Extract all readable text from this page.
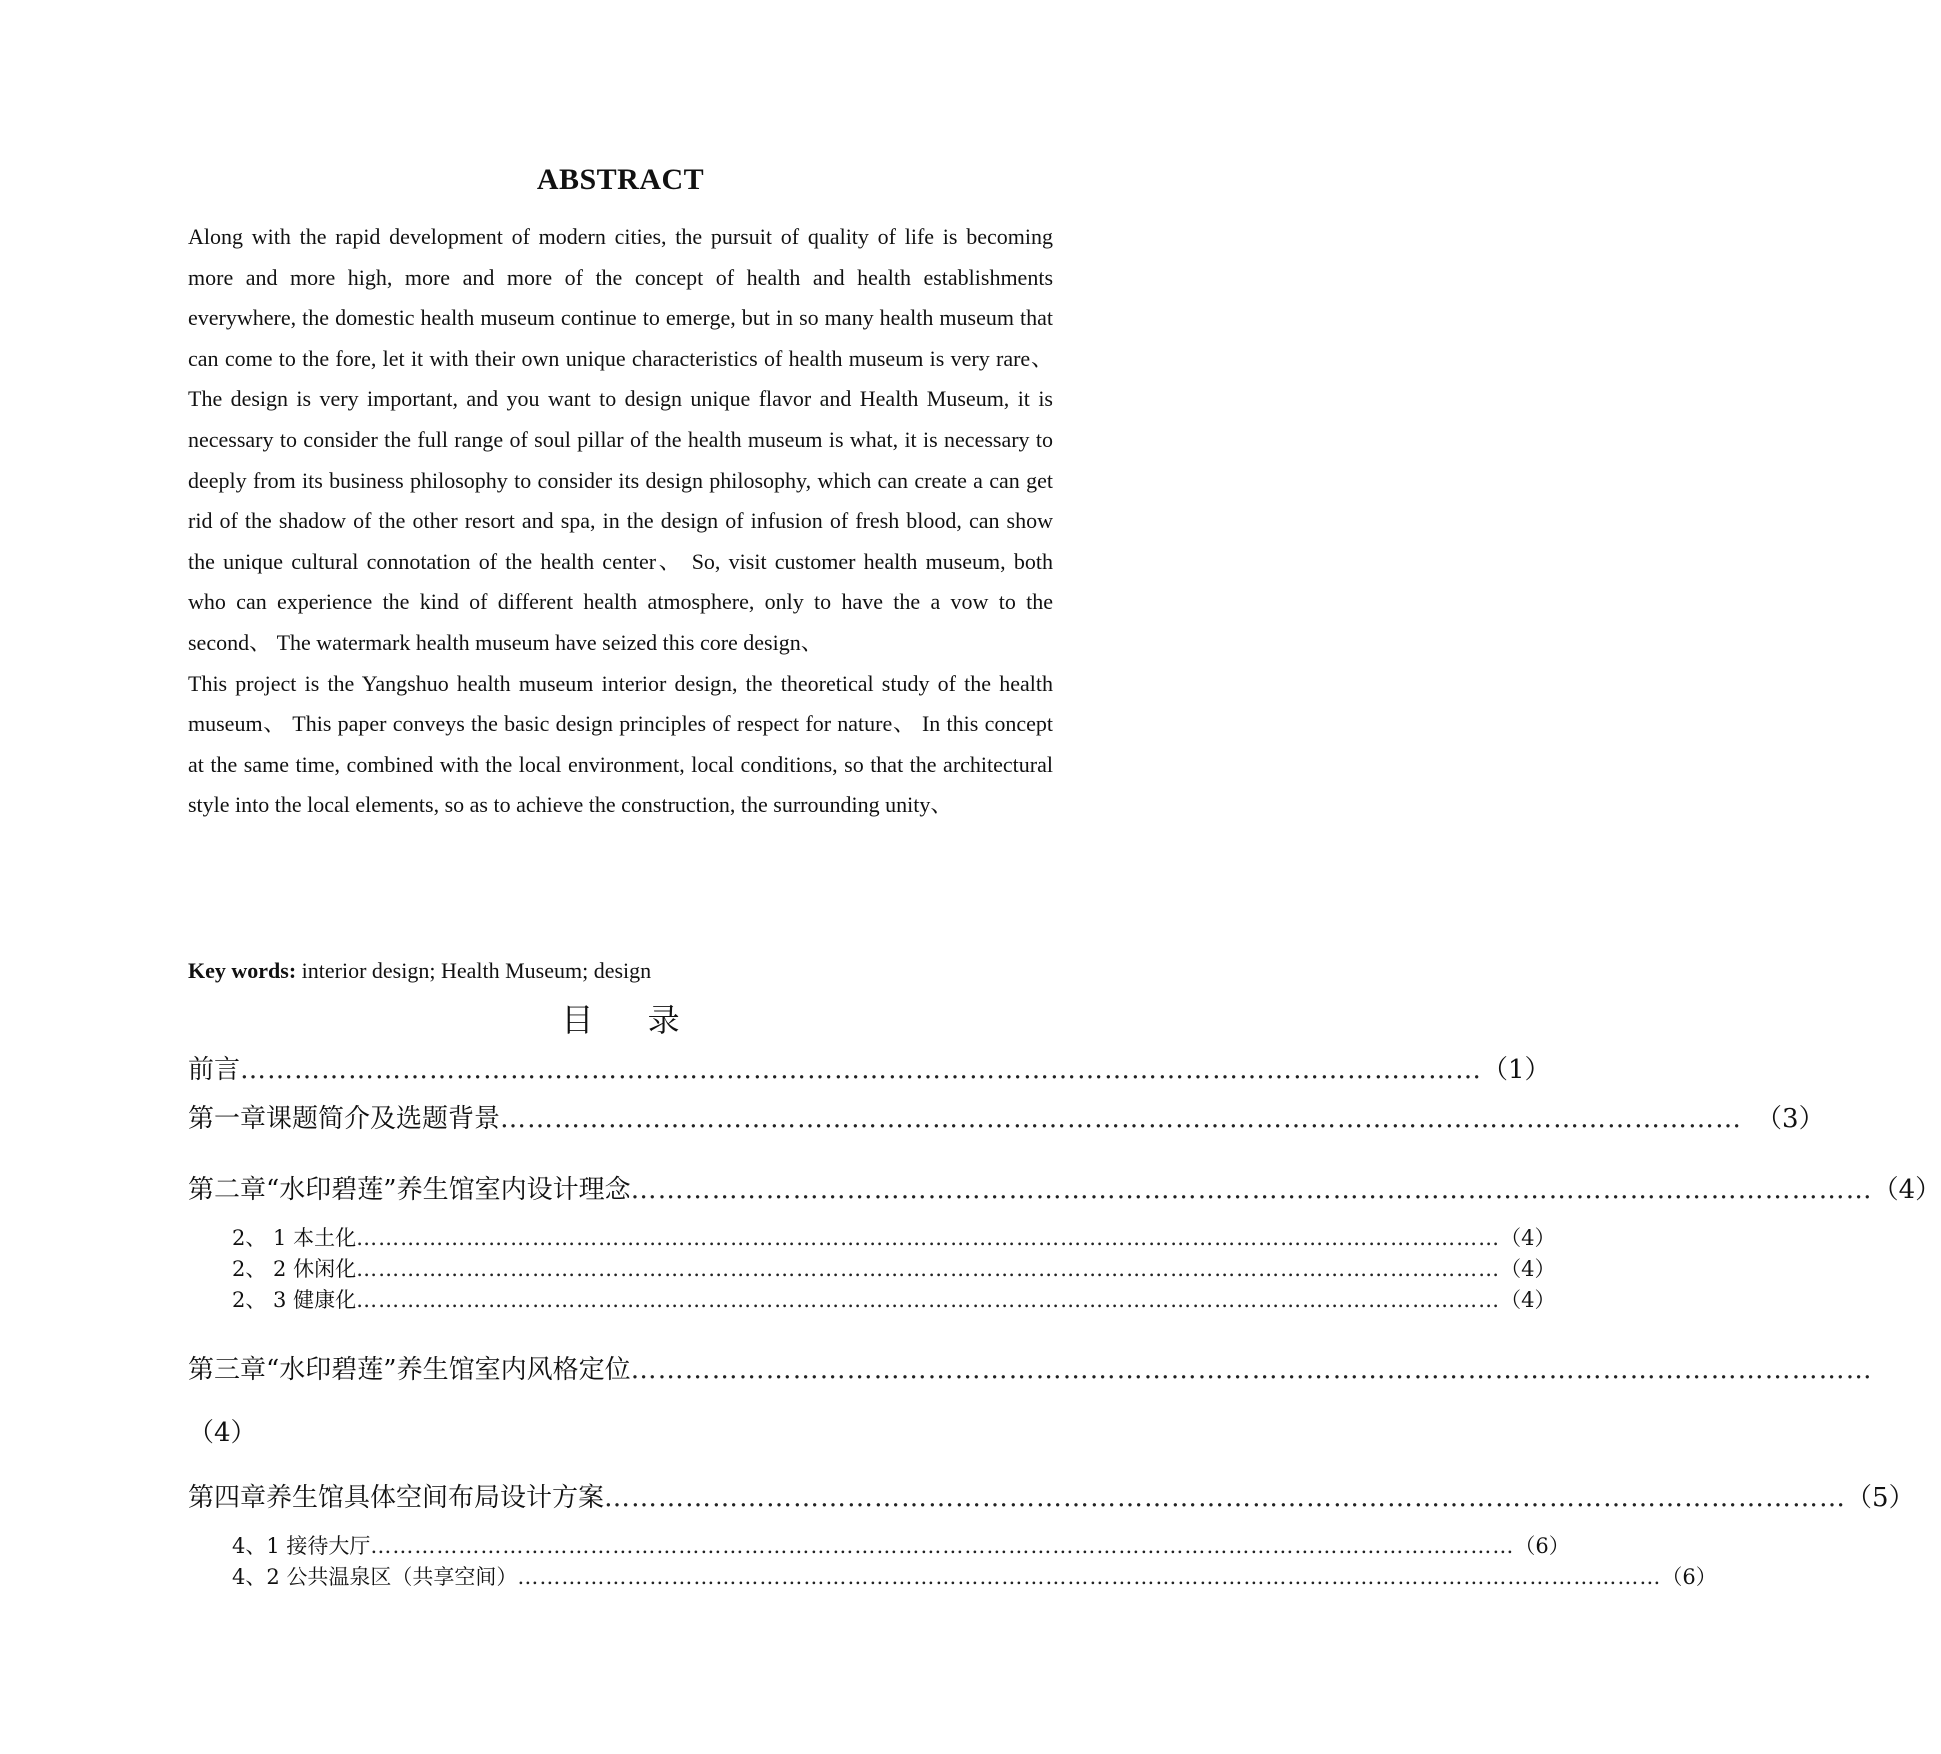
ABSTRACT

Along with the rapid development of modern cities, the pursuit of quality of life is becoming more and more high, more and more of the concept of health and health establishments everywhere, the domestic health museum continue to emerge, but in so many health museum that can come to the fore, let it with their own unique characteristics of health museum is very rare、 The design is very important, and you want to design unique flavor and Health Museum, it is necessary to consider the full range of soul pillar of the health museum is what, it is necessary to deeply from its business philosophy to consider its design philosophy, which can create a can get rid of the shadow of the other resort and spa, in the design of infusion of fresh blood, can show the unique cultural connotation of the health center、 So, visit customer health museum, both who can experience the kind of different health atmosphere, only to have the a vow to the second、 The watermark health museum have seized this core design、

This project is the Yangshuo health museum interior design, the theoretical study of the health museum、 This paper conveys the basic design principles of respect for nature、 In this concept at the same time, combined with the local environment, local conditions, so that the architectural style into the local elements, so as to achieve the construction, the surrounding unity、

Key words: interior design; Health Museum; design
目 录
前言 ………………………………………………………………………………………………………………………… （1）
第一章 课题简介及选题背景 ………………………………………………………………………………………………………………………… （3）
第二章 “水印碧莲”养生馆室内设计理念 ………………………………………………………………………………………………………………………… （4）
2、 1 本土化 ………………………………………………………………………………………………………………………………………… （4）
2、 2 休闲化 ………………………………………………………………………………………………………………………………………… （4）
2、 3 健康化 ………………………………………………………………………………………………………………………………………… （4）
第三章 “水印碧莲”养生馆室内风格定位 …………………………………………………………………………………………………………………………
（4）
第四章 养生馆具体空间布局设计方案 ………………………………………………………………………………………………………………………… （5）
4、1 接待大厅 ………………………………………………………………………………………………………………………………………… （6）
4、2 公共温泉区（共享空间） ………………………………………………………………………………………………………………………………………… （6）
